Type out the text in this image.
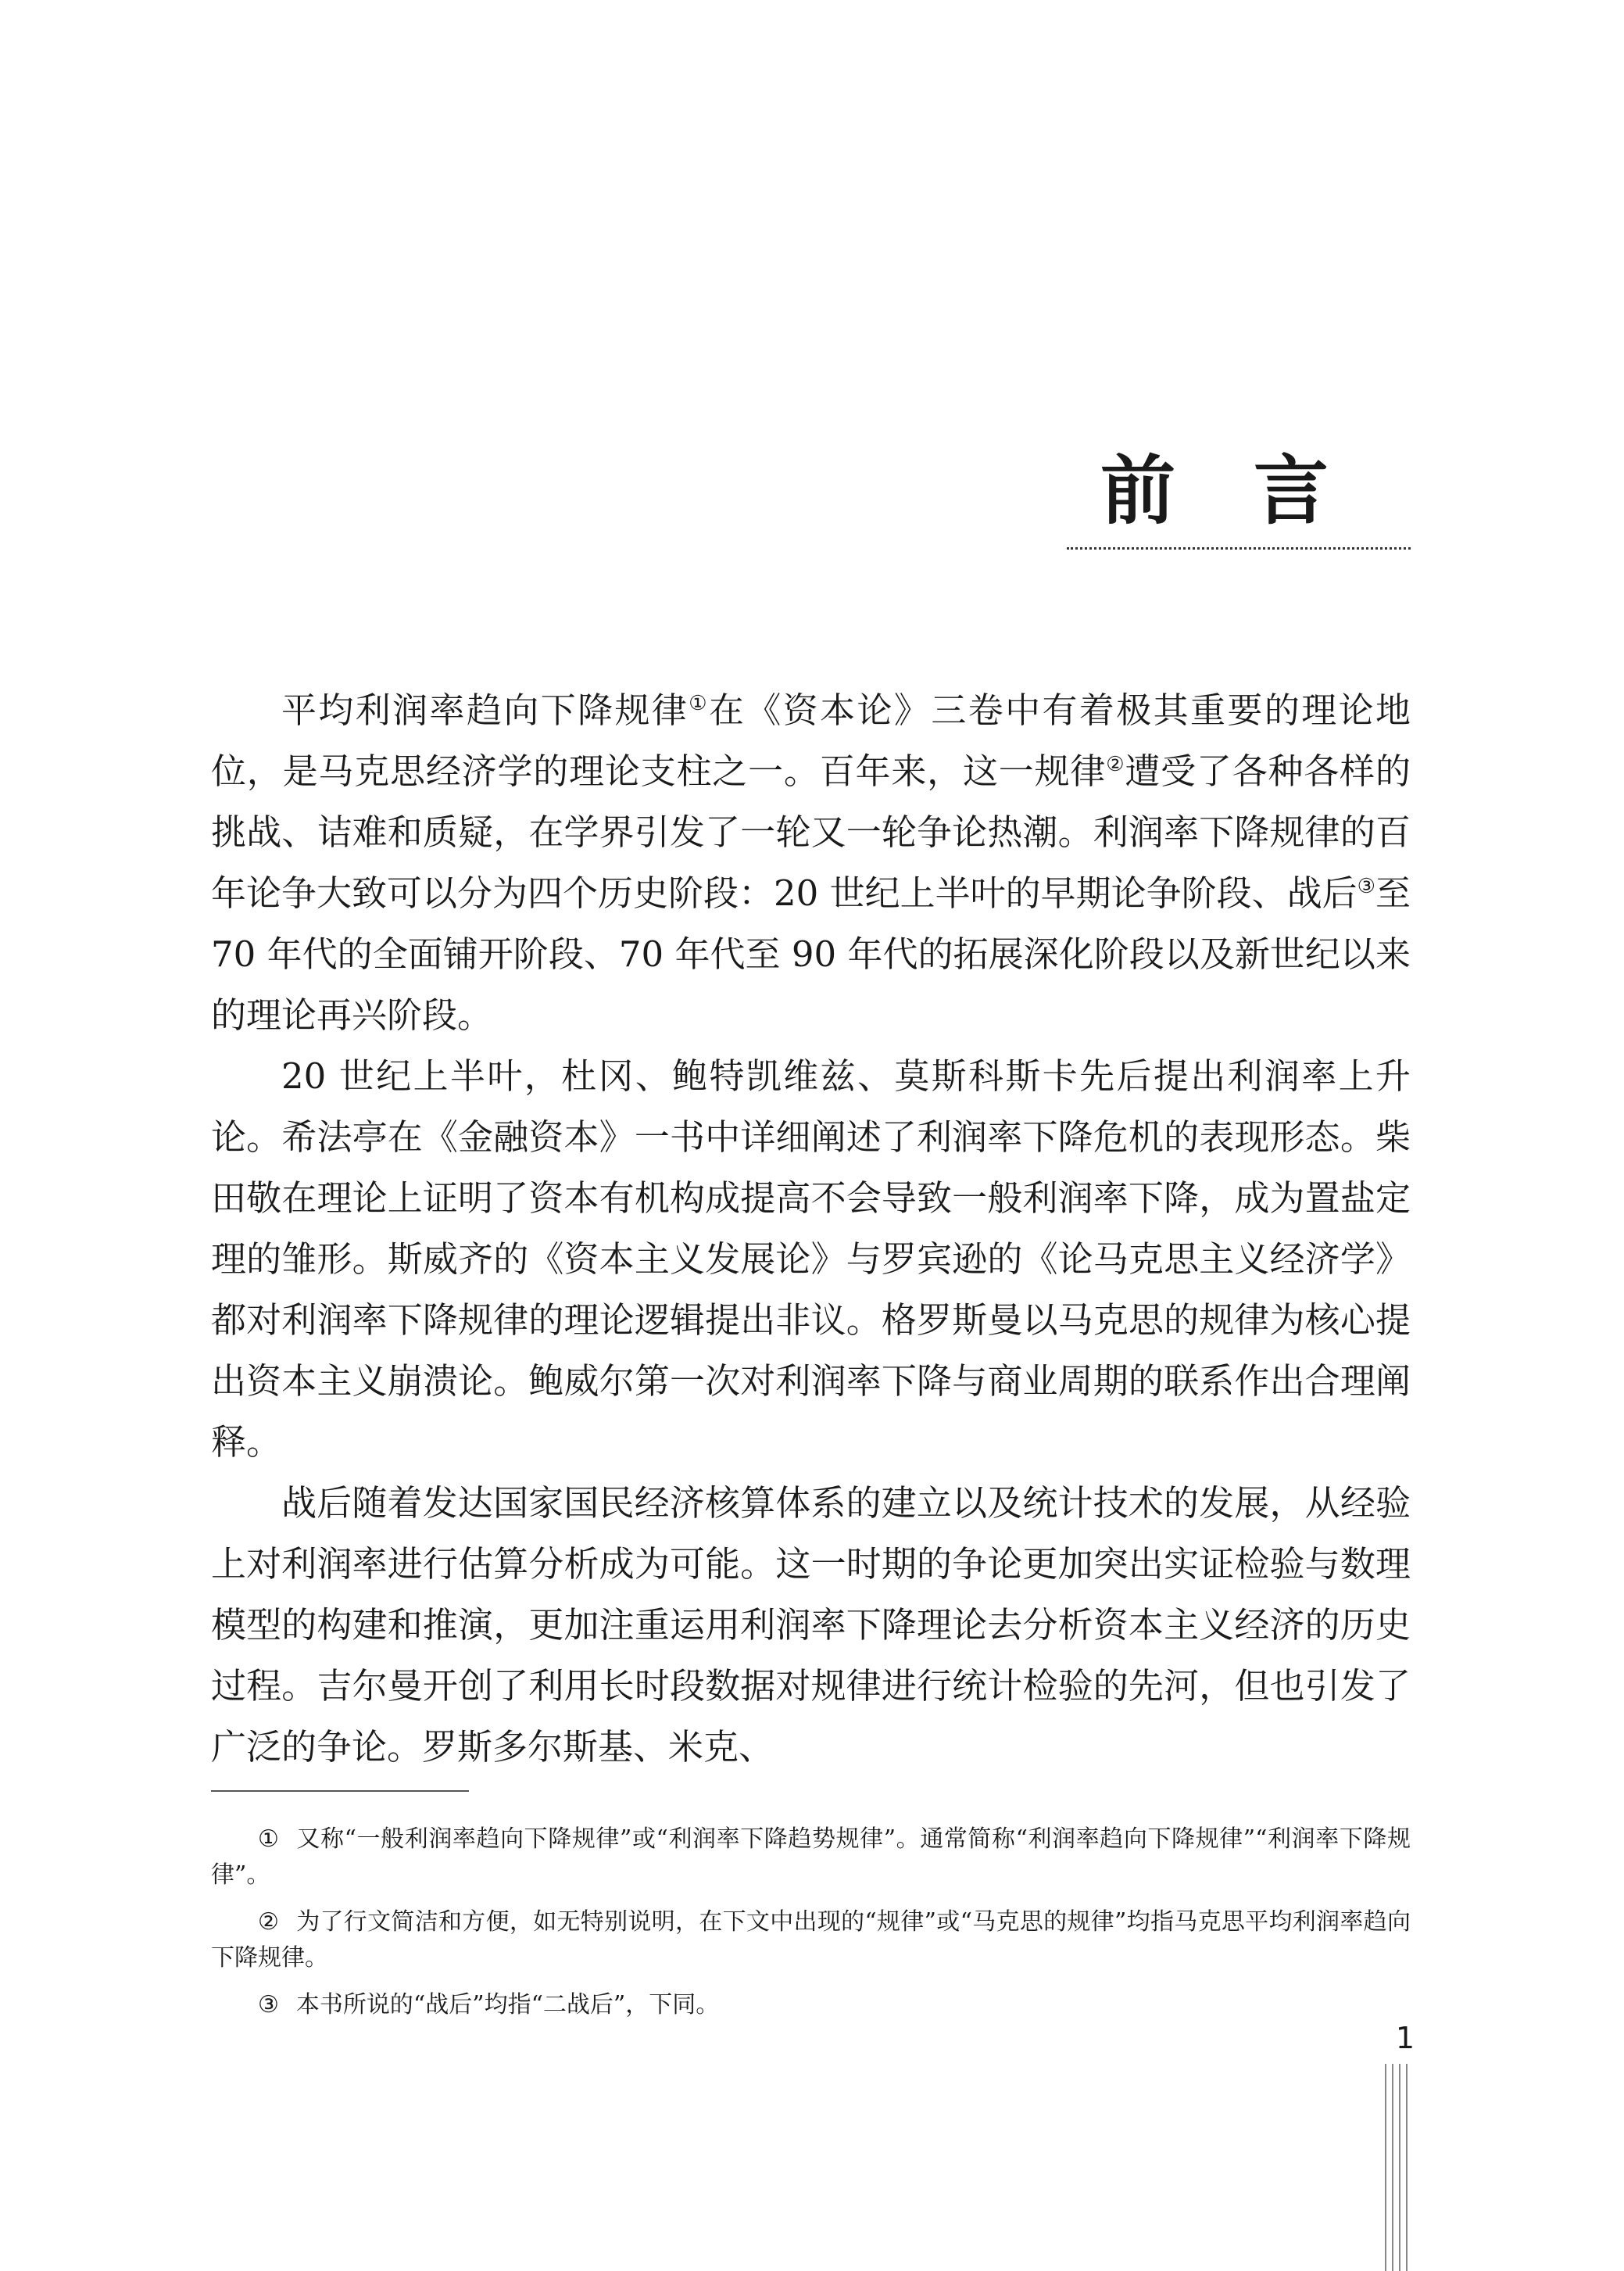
前言

平均利润率趋向下降规律①在《资本论》三卷中有着极其重要的理论地位，是马克思经济学的理论支柱之一。百年来，这一规律②遭受了各种各样的挑战、诘难和质疑，在学界引发了一轮又一轮争论热潮。利润率下降规律的百年论争大致可以分为四个历史阶段：20 世纪上半叶的早期论争阶段、战后③至 70 年代的全面铺开阶段、70 年代至 90 年代的拓展深化阶段以及新世纪以来的理论再兴阶段。

20 世纪上半叶，杜冈、鲍特凯维兹、莫斯科斯卡先后提出利润率上升论。希法亭在《金融资本》一书中详细阐述了利润率下降危机的表现形态。柴田敬在理论上证明了资本有机构成提高不会导致一般利润率下降，成为置盐定理的雏形。斯威齐的《资本主义发展论》与罗宾逊的《论马克思主义经济学》都对利润率下降规律的理论逻辑提出非议。格罗斯曼以马克思的规律为核心提出资本主义崩溃论。鲍威尔第一次对利润率下降与商业周期的联系作出合理阐释。

战后随着发达国家国民经济核算体系的建立以及统计技术的发展，从经验上对利润率进行估算分析成为可能。这一时期的争论更加突出实证检验与数理模型的构建和推演，更加注重运用利润率下降理论去分析资本主义经济的历史过程。吉尔曼开创了利用长时段数据对规律进行统计检验的先河，但也引发了广泛的争论。罗斯多尔斯基、米克、

① 又称“一般利润率趋向下降规律”或“利润率下降趋势规律”。通常简称“利润率趋向下降规律”“利润率下降规律”。

② 为了行文简洁和方便，如无特别说明，在下文中出现的“规律”或“马克思的规律”均指马克思平均利润率趋向下降规律。

③ 本书所说的“战后”均指“二战后”，下同。

1
